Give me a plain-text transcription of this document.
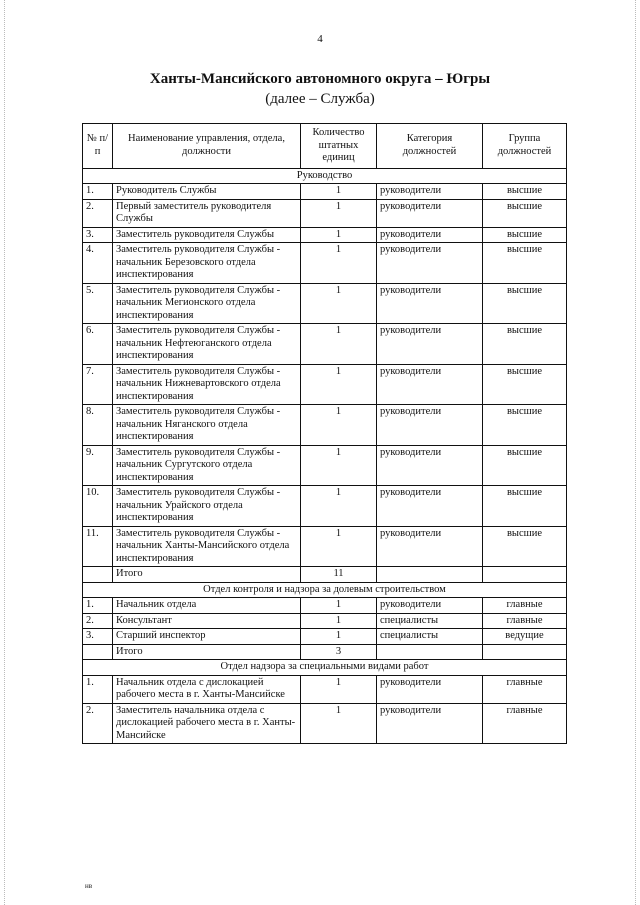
4
Ханты-Мансийского автономного округа – Югры
(далее – Служба)
№ п/п	Наименование управления, отдела, должности	Количество штатных единиц	Категория должностей	Группа должностей
Руководство				
1.	Руководитель Службы	1	руководители	высшие
2.	Первый заместитель руководителя Службы	1	руководители	высшие
3.	Заместитель руководителя Службы	1	руководители	высшие
4.	Заместитель руководителя Службы - начальник Березовского отдела инспектирования	1	руководители	высшие
5.	Заместитель руководителя Службы - начальник Мегионского отдела инспектирования	1	руководители	высшие
6.	Заместитель руководителя Службы - начальник Нефтеюганского отдела инспектирования	1	руководители	высшие
7.	Заместитель руководителя Службы - начальник Нижневартовского отдела инспектирования	1	руководители	высшие
8.	Заместитель руководителя Службы - начальник Няганского отдела инспектирования	1	руководители	высшие
9.	Заместитель руководителя Службы - начальник Сургутского отдела инспектирования	1	руководители	высшие
10.	Заместитель руководителя Службы - начальник Урайского отдела инспектирования	1	руководители	высшие
11.	Заместитель руководителя Службы - начальник Ханты-Мансийского отдела инспектирования	1	руководители	высшие
	Итого	11		
Отдел контроля и надзора за долевым строительством				
1.	Начальник отдела	1	руководители	главные
2.	Консультант	1	специалисты	главные
3.	Старший инспектор	1	специалисты	ведущие
	Итого	3		
Отдел надзора за специальными видами работ				
1.	Начальник отдела с дислокацией рабочего места в г. Ханты-Мансийске	1	руководители	главные
2.	Заместитель начальника отдела с дислокацией рабочего места в г. Ханты-Мансийске	1	руководители	главные
нв
